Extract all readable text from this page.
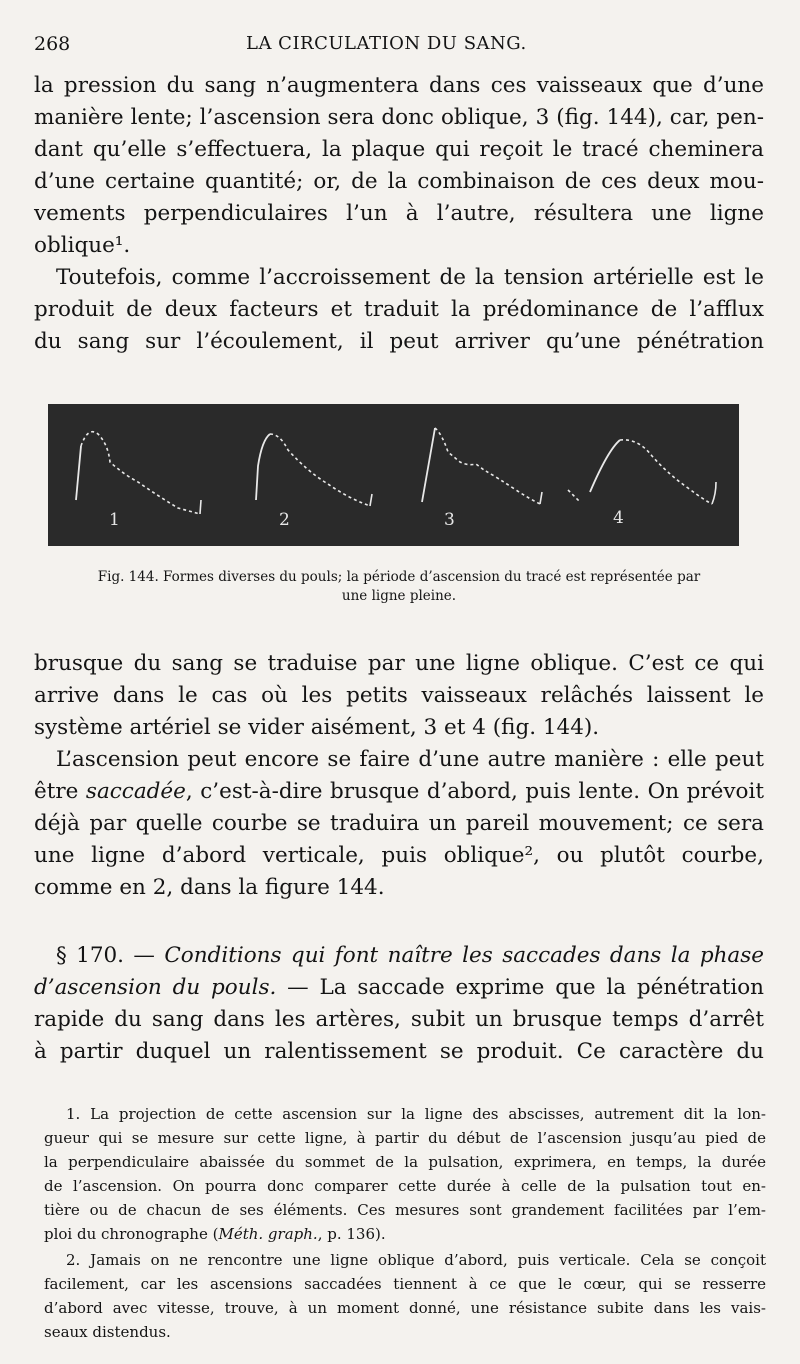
268	LA CIRCULATION DU SANG.
la pression du sang n’augmentera dans ces vaisseaux que d’une
manière lente; l’ascension sera donc oblique, 3 (fig. 144), car, pen-
dant qu’elle s’effectuera, la plaque qui reçoit le tracé cheminera
d’une certaine quantité; or, de la combinaison de ces deux mou-
vements perpendiculaires l’un à l’autre, résultera une ligne
oblique¹.
Toutefois, comme l’accroissement de la tension artérielle est le
produit de deux facteurs et traduit la prédominance de l’afflux
du sang sur l’écoulement, il peut arriver qu’une pénétration
1	2	3	4
Fig. 144. Formes diverses du pouls; la période d’ascension du tracé est représentée par
une ligne pleine.
brusque du sang se traduise par une ligne oblique. C’est ce qui
arrive dans le cas où les petits vaisseaux relâchés laissent le
système artériel se vider aisément, 3 et 4 (fig. 144).
L’ascension peut encore se faire d’une autre manière : elle peut
être saccadée, c’est-à-dire brusque d’abord, puis lente. On prévoit
déjà par quelle courbe se traduira un pareil mouvement; ce sera
une ligne d’abord verticale, puis oblique², ou plutôt courbe,
comme en 2, dans la figure 144.
§ 170. — Conditions qui font naître les saccades dans la phase
d’ascension du pouls. — La saccade exprime que la pénétration
rapide du sang dans les artères, subit un brusque temps d’arrêt
à partir duquel un ralentissement se produit. Ce caractère du
1. La projection de cette ascension sur la ligne des abscisses, autrement dit la lon-
gueur qui se mesure sur cette ligne, à partir du début de l’ascension jusqu’au pied de
la perpendiculaire abaissée du sommet de la pulsation, exprimera, en temps, la durée
de l’ascension. On pourra donc comparer cette durée à celle de la pulsation tout en-
tière ou de chacun de ses éléments. Ces mesures sont grandement facilitées par l’em-
ploi du chronographe (Méth. graph., p. 136).
2. Jamais on ne rencontre une ligne oblique d’abord, puis verticale. Cela se conçoit
facilement, car les ascensions saccadées tiennent à ce que le cœur, qui se resserre
d’abord avec vitesse, trouve, à un moment donné, une résistance subite dans les vais-
seaux distendus.
